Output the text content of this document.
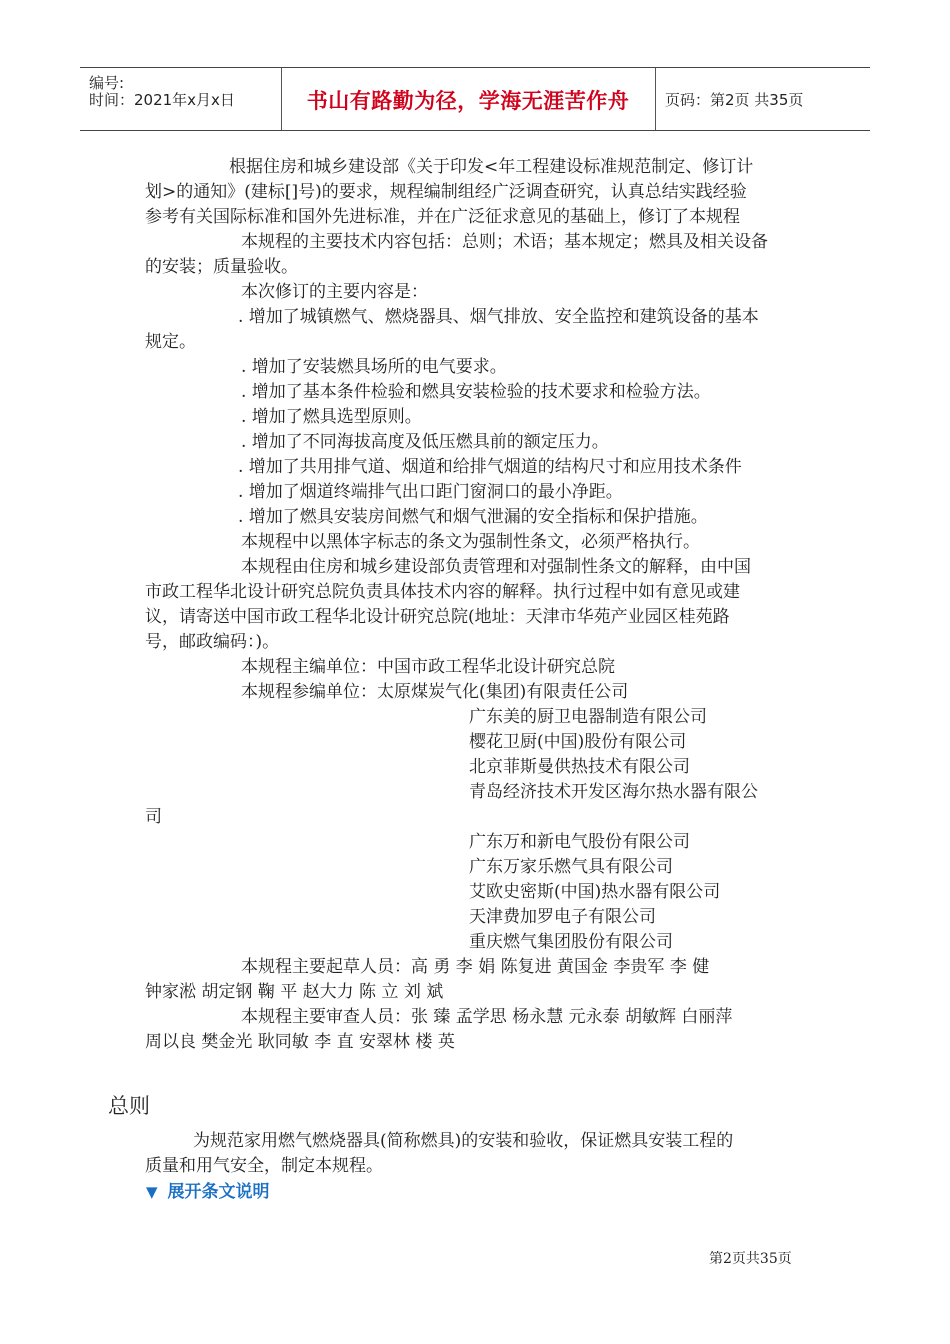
编号:
时间：2021年x月x日	书山有路勤为径，学海无涯苦作舟	页码：第2页 共35页
根据住房和城乡建设部《关于印发<年工程建设标准规范制定、修订计
划>的通知》(建标[]号)的要求，规程编制组经广泛调查研究，认真总结实践经验
参考有关国际标准和国外先进标准，并在广泛征求意见的基础上，修订了本规程
本规程的主要技术内容包括：总则；术语；基本规定；燃具及相关设备
的安装；质量验收。
本次修订的主要内容是：
. 增加了城镇燃气、燃烧器具、烟气排放、安全监控和建筑设备的基本
规定。
. 增加了安装燃具场所的电气要求。
. 增加了基本条件检验和燃具安装检验的技术要求和检验方法。
. 增加了燃具选型原则。
. 增加了不同海拔高度及低压燃具前的额定压力。
. 增加了共用排气道、烟道和给排气烟道的结构尺寸和应用技术条件
. 增加了烟道终端排气出口距门窗洞口的最小净距。
. 增加了燃具安装房间燃气和烟气泄漏的安全指标和保护措施。
本规程中以黑体字标志的条文为强制性条文，必须严格执行。
本规程由住房和城乡建设部负责管理和对强制性条文的解释，由中国
市政工程华北设计研究总院负责具体技术内容的解释。执行过程中如有意见或建
议，请寄送中国市政工程华北设计研究总院(地址：天津市华苑产业园区桂苑路
号，邮政编码：)。
本规程主编单位：中国市政工程华北设计研究总院
本规程参编单位：太原煤炭气化(集团)有限责任公司
广东美的厨卫电器制造有限公司
樱花卫厨(中国)股份有限公司
北京菲斯曼供热技术有限公司
青岛经济技术开发区海尔热水器有限公
司
广东万和新电气股份有限公司
广东万家乐燃气具有限公司
艾欧史密斯(中国)热水器有限公司
天津费加罗电子有限公司
重庆燃气集团股份有限公司
本规程主要起草人员：高 勇 李 娟 陈复进 黄国金 李贵军 李 健
钟家淞 胡定钢 鞠 平 赵大力 陈 立 刘 斌
本规程主要审查人员：张 臻 孟学思 杨永慧 元永泰 胡敏辉 白丽萍
周以良 樊金光 耿同敏 李 直 安翠林 楼 英
总则
为规范家用燃气燃烧器具(简称燃具)的安装和验收，保证燃具安装工程的
质量和用气安全，制定本规程。
▼ 展开条文说明
第2页共35页
